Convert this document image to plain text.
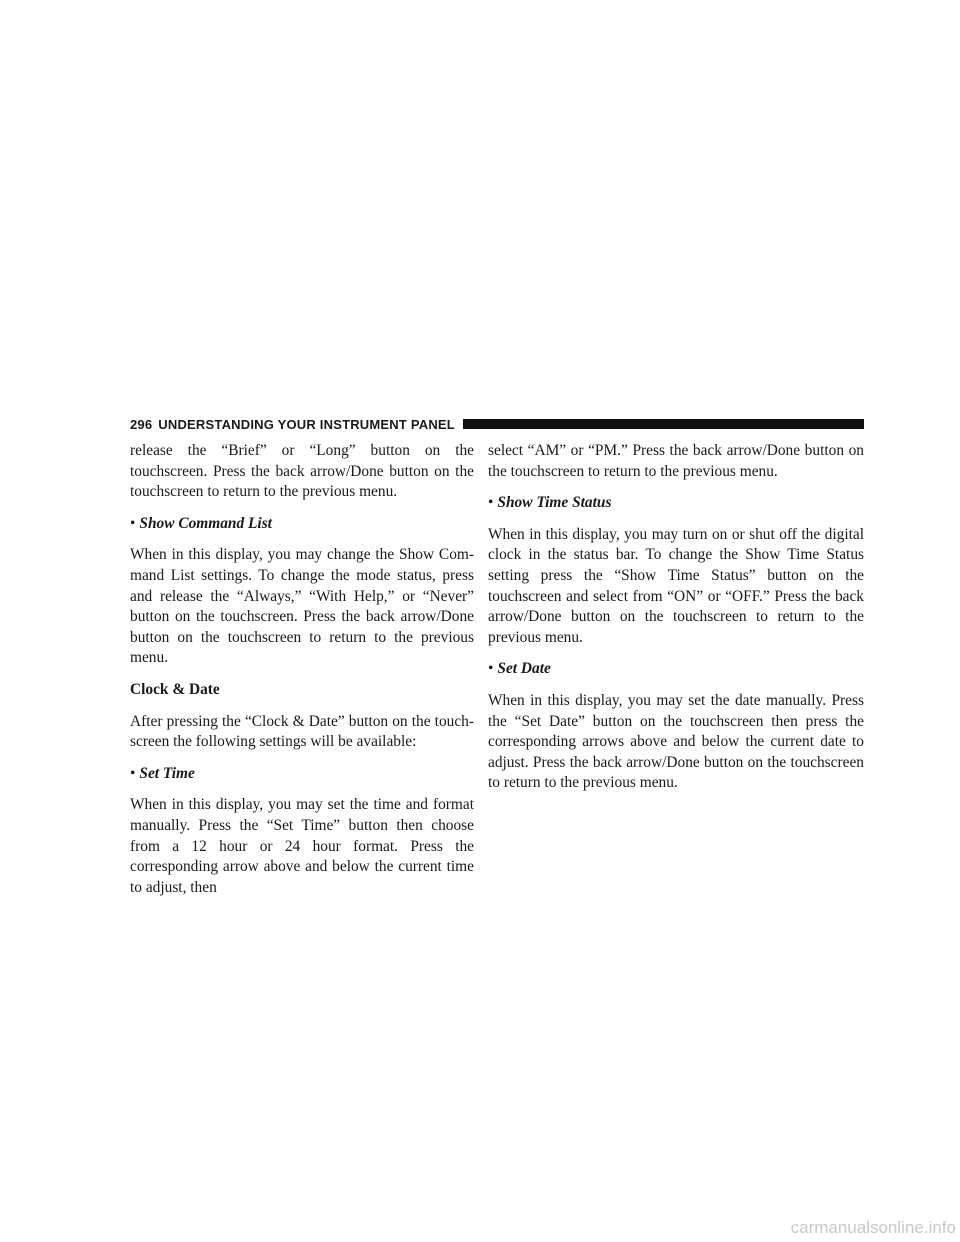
296 UNDERSTANDING YOUR INSTRUMENT PANEL

release the “Brief” or “Long” button on the touchscreen. Press the back arrow/Done button on the touchscreen to return to the previous menu.

• Show Command List

When in this display, you may change the Show Com-mand List settings. To change the mode status, press and release the “Always,” “With Help,” or “Never” button on the touchscreen. Press the back arrow/Done button on the touchscreen to return to the previous menu.

Clock & Date

After pressing the “Clock & Date” button on the touch-screen the following settings will be available:

• Set Time

When in this display, you may set the time and format manually. Press the “Set Time” button then choose from a 12 hour or 24 hour format. Press the corresponding arrow above and below the current time to adjust, then

select “AM” or “PM.” Press the back arrow/Done button on the touchscreen to return to the previous menu.

• Show Time Status

When in this display, you may turn on or shut off the digital clock in the status bar. To change the Show Time Status setting press the “Show Time Status” button on the touchscreen and select from “ON” or “OFF.” Press the back arrow/Done button on the touchscreen to return to the previous menu.

• Set Date

When in this display, you may set the date manually. Press the “Set Date” button on the touchscreen then press the corresponding arrows above and below the current date to adjust. Press the back arrow/Done button on the touchscreen to return to the previous menu.

carmanualsonline.info
